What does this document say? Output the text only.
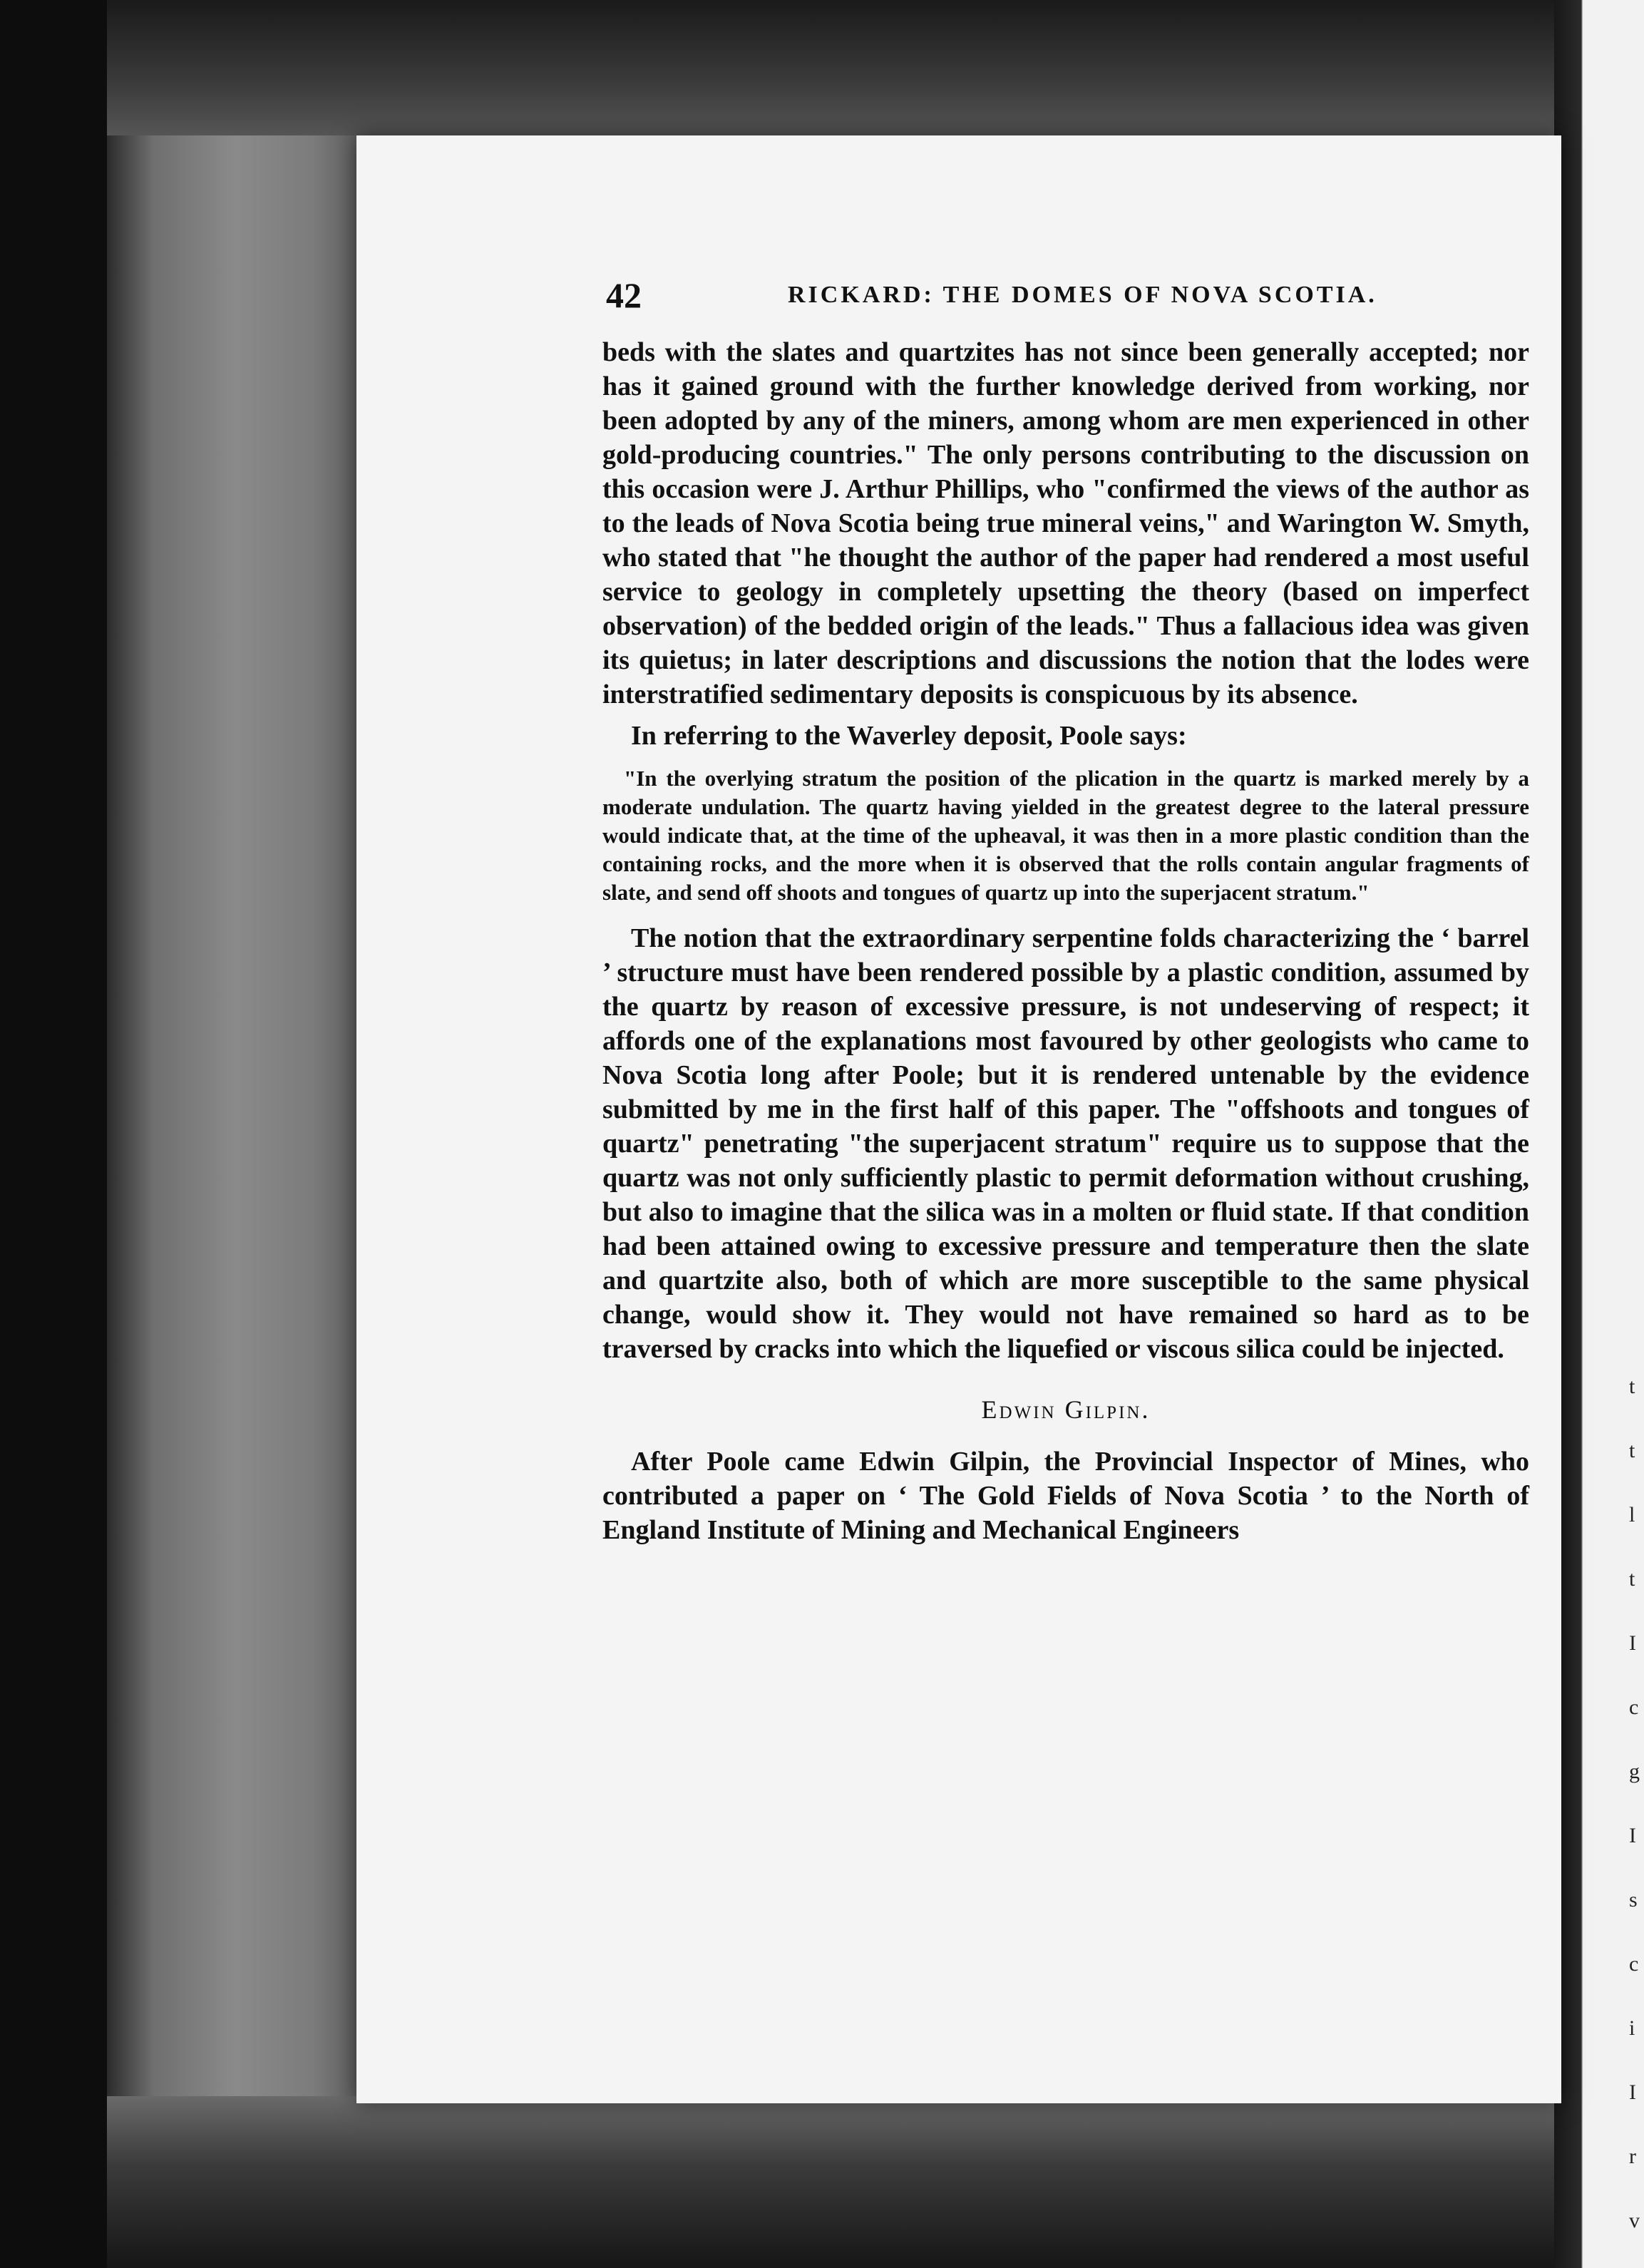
t
t
l
t
I
c
g
I
s
c
i
I
r
v
42	RICKARD: THE DOMES OF NOVA SCOTIA.

beds with the slates and quartzites has not since been generally accepted; nor has it gained ground with the further knowledge derived from working, nor been adopted by any of the miners, among whom are men experienced in other gold-producing countries." The only persons contributing to the discussion on this occasion were J. Arthur Phillips, who "confirmed the views of the author as to the leads of Nova Scotia being true mineral veins," and Warington W. Smyth, who stated that "he thought the author of the paper had rendered a most useful service to geology in completely upsetting the theory (based on imperfect observation) of the bedded origin of the leads." Thus a fallacious idea was given its quietus; in later descriptions and discussions the notion that the lodes were interstratified sedimentary deposits is conspicuous by its absence.

In referring to the Waverley deposit, Poole says:

"In the overlying stratum the position of the plication in the quartz is marked merely by a moderate undulation. The quartz having yielded in the greatest degree to the lateral pressure would indicate that, at the time of the upheaval, it was then in a more plastic condition than the containing rocks, and the more when it is observed that the rolls contain angular fragments of slate, and send off shoots and tongues of quartz up into the superjacent stratum."

The notion that the extraordinary serpentine folds characterizing the ‘ barrel ’ structure must have been rendered possible by a plastic condition, assumed by the quartz by reason of excessive pressure, is not undeserving of respect; it affords one of the explanations most favoured by other geologists who came to Nova Scotia long after Poole; but it is rendered untenable by the evidence submitted by me in the first half of this paper. The "offshoots and tongues of quartz" penetrating "the superjacent stratum" require us to suppose that the quartz was not only sufficiently plastic to permit deformation without crushing, but also to imagine that the silica was in a molten or fluid state. If that condition had been attained owing to excessive pressure and temperature then the slate and quartzite also, both of which are more susceptible to the same physical change, would show it. They would not have remained so hard as to be traversed by cracks into which the liquefied or viscous silica could be injected.

Edwin Gilpin.

After Poole came Edwin Gilpin, the Provincial Inspector of Mines, who contributed a paper on ‘ The Gold Fields of Nova Scotia ’ to the North of England Institute of Mining and Mechanical Engineers
